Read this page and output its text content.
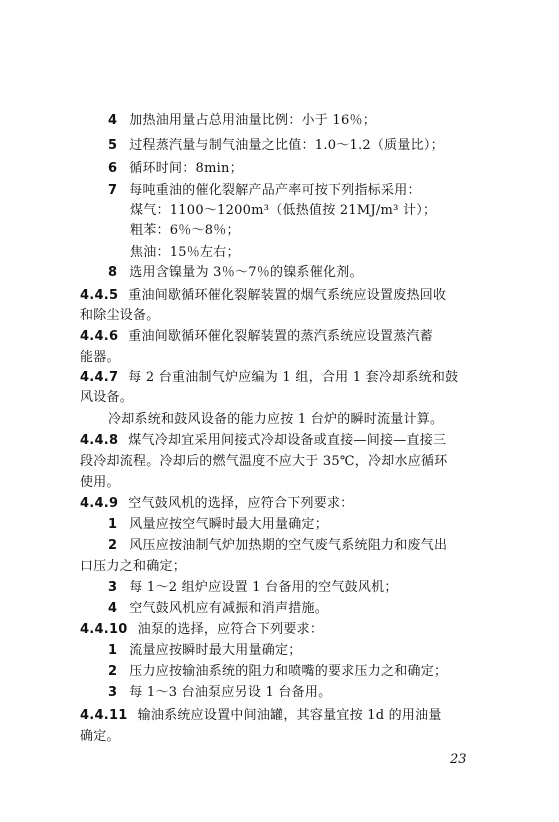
4 加热油用量占总用油量比例：小于 16％；
5 过程蒸汽量与制气油量之比值：1.0～1.2（质量比）；
6 循环时间：8min；
7 每吨重油的催化裂解产品产率可按下列指标采用：
煤气：1100～1200m³（低热值按 21MJ/m³ 计）；
粗苯：6％～8％；
焦油：15％左右；
8 选用含镍量为 3％～7％的镍系催化剂。
4.4.5 重油间歇循环催化裂解装置的烟气系统应设置废热回收
和除尘设备。
4.4.6 重油间歇循环催化裂解装置的蒸汽系统应设置蒸汽蓄
能器。
4.4.7 每 2 台重油制气炉应编为 1 组，合用 1 套冷却系统和鼓
风设备。
冷却系统和鼓风设备的能力应按 1 台炉的瞬时流量计算。
4.4.8 煤气冷却宜采用间接式冷却设备或直接—间接—直接三
段冷却流程。冷却后的燃气温度不应大于 35℃，冷却水应循环
使用。
4.4.9 空气鼓风机的选择，应符合下列要求：
1 风量应按空气瞬时最大用量确定；
2 风压应按油制气炉加热期的空气废气系统阻力和废气出
口压力之和确定；
3 每 1～2 组炉应设置 1 台备用的空气鼓风机；
4 空气鼓风机应有减振和消声措施。
4.4.10 油泵的选择，应符合下列要求：
1 流量应按瞬时最大用量确定；
2 压力应按输油系统的阻力和喷嘴的要求压力之和确定；
3 每 1～3 台油泵应另设 1 台备用。
4.4.11 输油系统应设置中间油罐，其容量宜按 1d 的用油量
确定。
23
